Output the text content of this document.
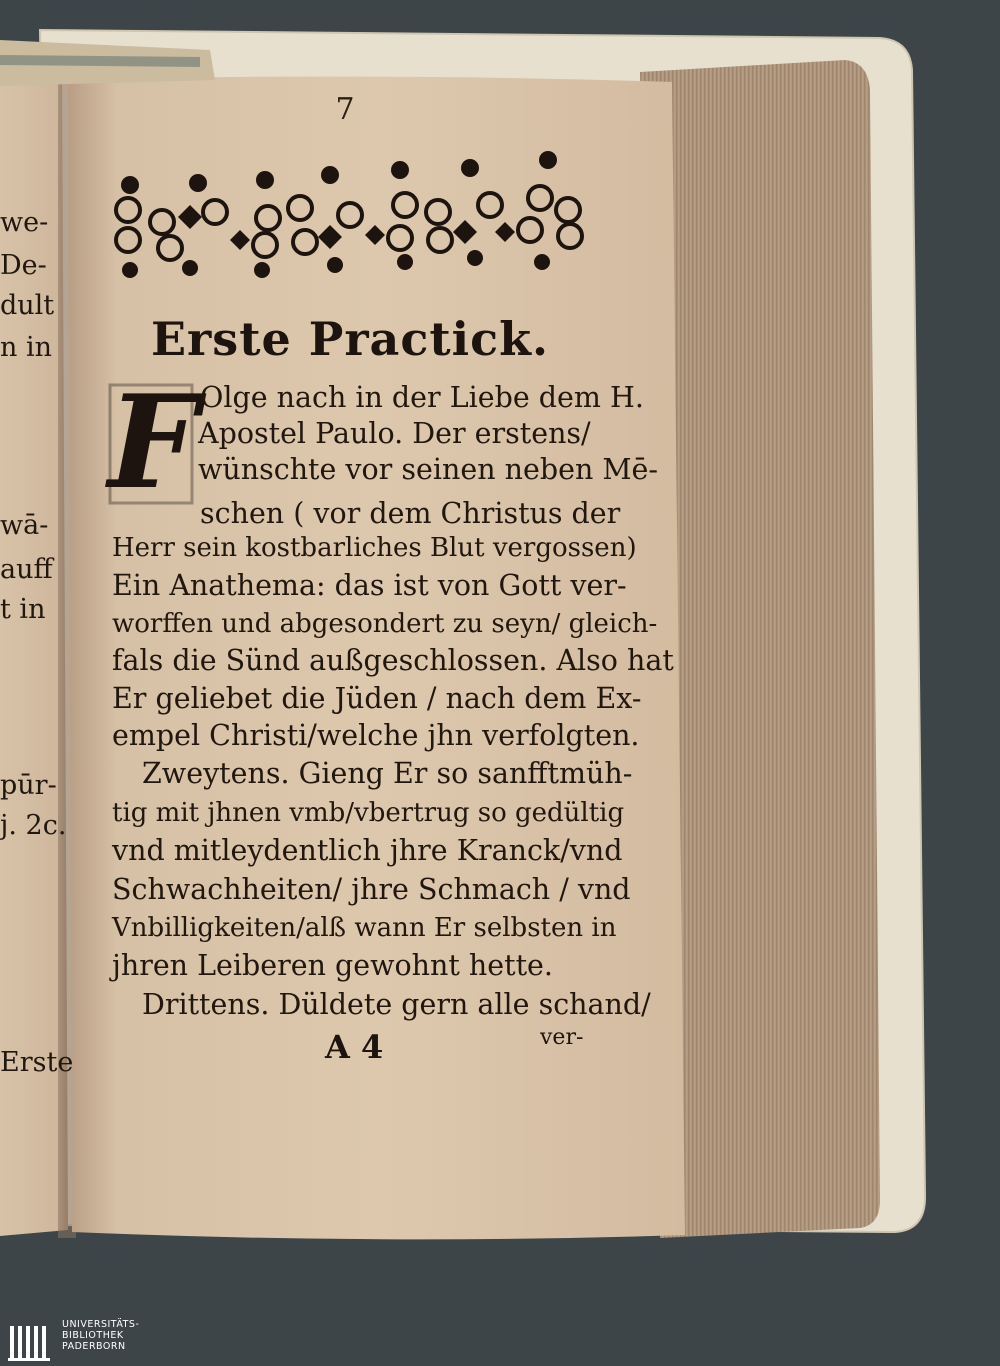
7
Erste Practick.
F Olge nach in der Liebe dem H.
Apostel Paulo. Der erstens/
wünschte vor seinen neben Mē-
schen ( vor dem Christus der
Herr sein kostbarliches Blut vergossen)
Ein Anathema: das ist von Gott ver-
worffen und abgesondert zu seyn/ gleich-
fals die Sünd außgeschlossen. Also hat
Er geliebet die Jüden / nach dem Ex-
empel Christi/welche jhn verfolgten.
Zweytens. Gieng Er so sanfftmüh-
tig mit jhnen vmb/vbertrug so gedültig
vnd mitleydentlich jhre Kranck/vnd
Schwachheiten/ jhre Schmach / vnd
Vnbilligkeiten/alß wann Er selbsten in
jhren Leiberen gewohnt hette.
Drittens. Düldete gern alle schand/
A 4	ver-
we-
De-
dult
n in
wā-
auff
t in
pūr-
j. 2c.
Erste
UNIVERSITÄTS-
BIBLIOTHEK
PADERBORN
